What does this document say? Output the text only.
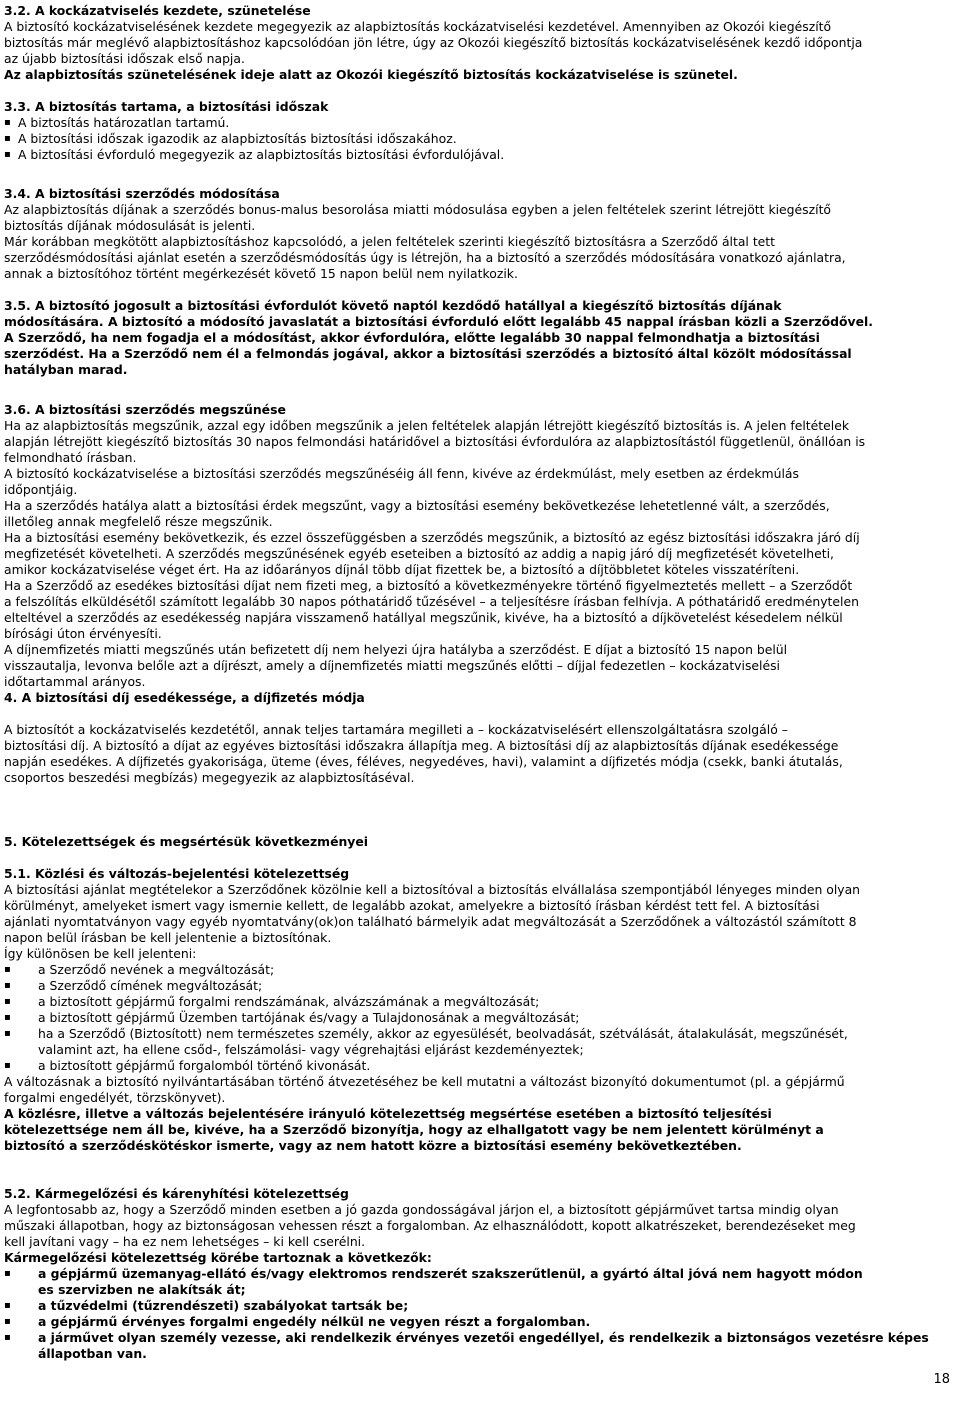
3.2. A kockázatviselés kezdete, szünetelése
A biztosító kockázatviselésének kezdete megegyezik az alapbiztosítás kockázatviselési kezdetével. Amennyiben az Okozói kiegészítő
biztosítás már meglévő alapbiztosításhoz kapcsolódóan jön létre, úgy az Okozói kiegészítő biztosítás kockázatviselésének kezdő időpontja
az újabb biztosítási időszak első napja.
Az alapbiztosítás szünetelésének ideje alatt az Okozói kiegészítő biztosítás kockázatviselése is szünetel.
3.3. A biztosítás tartama, a biztosítási időszak
▪ A biztosítás határozatlan tartamú.
▪ A biztosítási időszak igazodik az alapbiztosítás biztosítási időszakához.
▪ A biztosítási évforduló megegyezik az alapbiztosítás biztosítási évfordulójával.
3.4. A biztosítási szerződés módosítása
Az alapbiztosítás díjának a szerződés bonus-malus besorolása miatti módosulása egyben a jelen feltételek szerint létrejött kiegészítő
biztosítás díjának módosulását is jelenti.
Már korábban megkötött alapbiztosításhoz kapcsolódó, a jelen feltételek szerinti kiegészítő biztosításra a Szerződő által tett
szerződésmódosítási ajánlat esetén a szerződésmódosítás úgy is létrejön, ha a biztosító a szerződés módosítására vonatkozó ajánlatra,
annak a biztosítóhoz történt megérkezését követő 15 napon belül nem nyilatkozik.
3.5. A biztosító jogosult a biztosítási évfordulót követő naptól kezdődő hatállyal a kiegészítő biztosítás díjának
módosítására. A biztosító a módosító javaslatát a biztosítási évforduló előtt legalább 45 nappal írásban közli a Szerződővel.
A Szerződő, ha nem fogadja el a módosítást, akkor évfordulóra, előtte legalább 30 nappal felmondhatja a biztosítási
szerződést. Ha a Szerződő nem él a felmondás jogával, akkor a biztosítási szerződés a biztosító által közölt módosítással
hatályban marad.
3.6. A biztosítási szerződés megszűnése
Ha az alapbiztosítás megszűnik, azzal egy időben megszűnik a jelen feltételek alapján létrejött kiegészítő biztosítás is. A jelen feltételek
alapján létrejött kiegészítő biztosítás 30 napos felmondási határidővel a biztosítási évfordulóra az alapbiztosítástól függetlenül, önállóan is
felmondható írásban.
A biztosító kockázatviselése a biztosítási szerződés megszűnéséig áll fenn, kivéve az érdekmúlást, mely esetben az érdekmúlás
időpontjáig.
Ha a szerződés hatálya alatt a biztosítási érdek megszűnt, vagy a biztosítási esemény bekövetkezése lehetetlenné vált, a szerződés,
illetőleg annak megfelelő része megszűnik.
Ha a biztosítási esemény bekövetkezik, és ezzel összefüggésben a szerződés megszűnik, a biztosító az egész biztosítási időszakra járó díj
megfizetését követelheti. A szerződés megszűnésének egyéb eseteiben a biztosító az addig a napig járó díj megfizetését követelheti,
amikor kockázatviselése véget ért. Ha az időarányos díjnál több díjat fizettek be, a biztosító a díjtöbbletet köteles visszatéríteni.
Ha a Szerződő az esedékes biztosítási díjat nem fizeti meg, a biztosító a következményekre történő figyelmeztetés mellett – a Szerződőt
a felszólítás elküldésétől számított legalább 30 napos póthatáridő tűzésével – a teljesítésre írásban felhívja. A póthatáridő eredménytelen
elteltével a szerződés az esedékesség napjára visszamenő hatállyal megszűnik, kivéve, ha a biztosító a díjkövetelést késedelem nélkül
bírósági úton érvényesíti.
A díjnemfizetés miatti megszűnés után befizetett díj nem helyezi újra hatályba a szerződést. E díjat a biztosító 15 napon belül
visszautalja, levonva belőle azt a díjrészt, amely a díjnemfizetés miatti megszűnés előtti – díjjal fedezetlen – kockázatviselési
időtartammal arányos.
4. A biztosítási díj esedékessége, a díjfizetés módja
A biztosítót a kockázatviselés kezdetétől, annak teljes tartamára megilleti a – kockázatviselésért ellenszolgáltatásra szolgáló –
biztosítási díj. A biztosító a díjat az egyéves biztosítási időszakra állapítja meg. A biztosítási díj az alapbiztosítás díjának esedékessége
napján esedékes. A díjfizetés gyakorisága, üteme (éves, féléves, negyedéves, havi), valamint a díjfizetés módja (csekk, banki átutalás,
csoportos beszedési megbízás) megegyezik az alapbiztosításéval.
5. Kötelezettségek és megsértésük következményei
5.1. Közlési és változás-bejelentési kötelezettség
A biztosítási ajánlat megtételekor a Szerződőnek közölnie kell a biztosítóval a biztosítás elvállalása szempontjából lényeges minden olyan
körülményt, amelyeket ismert vagy ismernie kellett, de legalább azokat, amelyekre a biztosító írásban kérdést tett fel. A biztosítási
ajánlati nyomtatványon vagy egyéb nyomtatvány(ok)on található bármelyik adat megváltozását a Szerződőnek a változástól számított 8
napon belül írásban be kell jelentenie a biztosítónak.
Így különösen be kell jelenteni:
▪ a Szerződő nevének a megváltozását;
▪ a Szerződő címének megváltozását;
▪ a biztosított gépjármű forgalmi rendszámának, alvázszámának a megváltozását;
▪ a biztosított gépjármű Üzemben tartójának és/vagy a Tulajdonosának a megváltozását;
▪ ha a Szerződő (Biztosított) nem természetes személy, akkor az egyesülését, beolvadását, szétválását, átalakulását, megszűnését,
valamint azt, ha ellene csőd-, felszámolási- vagy végrehajtási eljárást kezdeményeztek;
▪ a biztosított gépjármű forgalomból történő kivonását.
A változásnak a biztosító nyilvántartásában történő átvezetéséhez be kell mutatni a változást bizonyító dokumentumot (pl. a gépjármű
forgalmi engedélyét, törzskönyvet).
A közlésre, illetve a változás bejelentésére irányuló kötelezettség megsértése esetében a biztosító teljesítési
kötelezettsége nem áll be, kivéve, ha a Szerződő bizonyítja, hogy az elhallgatott vagy be nem jelentett körülményt a
biztosító a szerződéskötéskor ismerte, vagy az nem hatott közre a biztosítási esemény bekövetkeztében.
5.2. Kármegelőzési és kárenyhítési kötelezettség
A legfontosabb az, hogy a Szerződő minden esetben a jó gazda gondosságával járjon el, a biztosított gépjárművet tartsa mindig olyan
műszaki állapotban, hogy az biztonságosan vehessen részt a forgalomban. Az elhasználódott, kopott alkatrészeket, berendezéseket meg
kell javítani vagy – ha ez nem lehetséges – ki kell cserélni.
Kármegelőzési kötelezettség körébe tartoznak a következők:
▪ a gépjármű üzemanyag-ellátó és/vagy elektromos rendszerét szakszerűtlenül, a gyártó által jóvá nem hagyott módon
es szervizben ne alakítsák át;
▪ a tűzvédelmi (tűzrendészeti) szabályokat tartsák be;
▪ a gépjármű érvényes forgalmi engedély nélkül ne vegyen részt a forgalomban.
▪ a járművet olyan személy vezesse, aki rendelkezik érvényes vezetői engedéllyel, és rendelkezik a biztonságos vezetésre képes
állapotban van.
18
